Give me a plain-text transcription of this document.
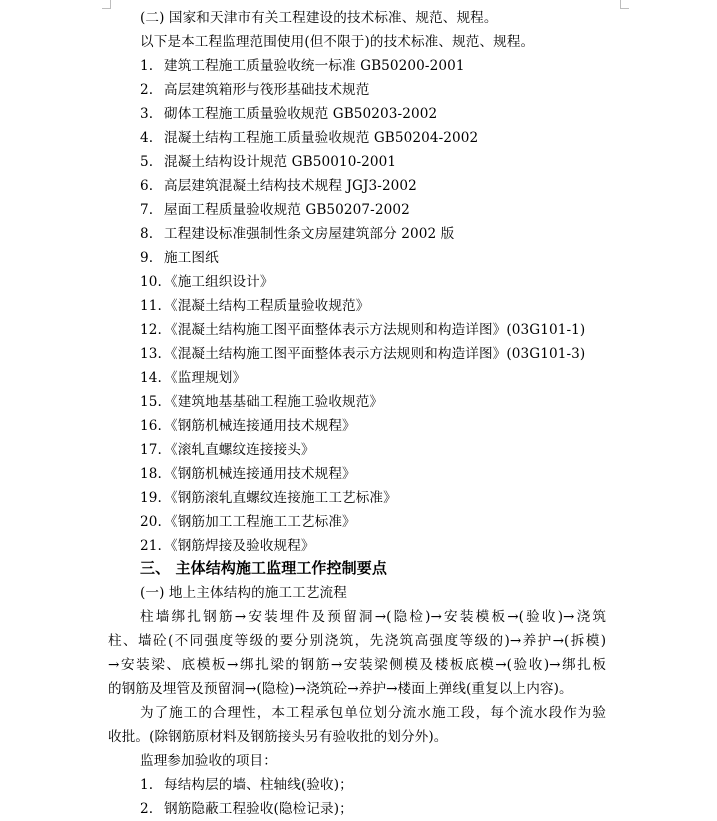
(二) 国家和天津市有关工程建设的技术标准、规范、规程。
以下是本工程监理范围使用(但不限于)的技术标准、规范、规程。
1. 建筑工程施工质量验收统一标准 GB50200-2001
2. 高层建筑箱形与筏形基础技术规范
3. 砌体工程施工质量验收规范 GB50203-2002
4. 混凝土结构工程施工质量验收规范 GB50204-2002
5. 混凝土结构设计规范 GB50010-2001
6. 高层建筑混凝土结构技术规程 JGJ3-2002
7. 屋面工程质量验收规范 GB50207-2002
8. 工程建设标准强制性条文房屋建筑部分 2002 版
9. 施工图纸
10. 《施工组织设计》
11. 《混凝土结构工程质量验收规范》
12. 《混凝土结构施工图平面整体表示方法规则和构造详图》(03G101-1)
13. 《混凝土结构施工图平面整体表示方法规则和构造详图》(03G101-3)
14. 《监理规划》
15. 《建筑地基基础工程施工验收规范》
16. 《钢筋机械连接通用技术规程》
17. 《滚轧直螺纹连接接头》
18. 《钢筋机械连接通用技术规程》
19. 《钢筋滚轧直螺纹连接施工工艺标准》
20. 《钢筋加工工程施工工艺标准》
21. 《钢筋焊接及验收规程》
三、 主体结构施工监理工作控制要点
(一) 地上主体结构的施工工艺流程
柱墙绑扎钢筋→安装埋件及预留洞→(隐检)→安装模板→(验收)→浇筑
柱、墙砼(不同强度等级的要分别浇筑，先浇筑高强度等级的)→养护→(拆模)
→安装梁、底模板→绑扎梁的钢筋→安装梁侧模及楼板底模→(验收)→绑扎板
的钢筋及埋管及预留洞→(隐检)→浇筑砼→养护→楼面上弹线(重复以上内容)。
为了施工的合理性，本工程承包单位划分流水施工段，每个流水段作为验
收批。(除钢筋原材料及钢筋接头另有验收批的划分外)。
监理参加验收的项目：
1. 每结构层的墙、柱轴线(验收)；
2. 钢筋隐蔽工程验收(隐检记录)；
